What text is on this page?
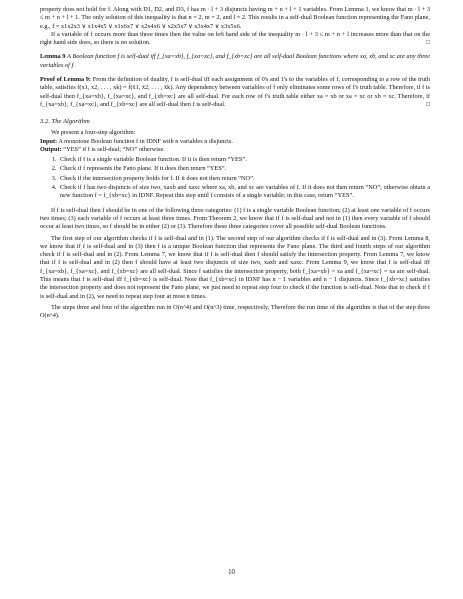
property does not hold for f. Along with D1, D2, and D3, f has m · l + 3 disjuncts having m + n + l + 1 variables. From Lemma 1, we know that m · l + 3 ≤ m + n + l + 1. The only solution of this inequality is that n = 2, m = 2, and l = 2. This results in a self-dual Boolean function representing the Fano plane, e.g., f = x1x2x3 ∨ x1x4x5 ∨ x1x6x7 ∨ x2x4x6 ∨ x2x5x7 ∨ x3x4x7 ∨ x3x5x6.

If a variable of f occurs more than three times then the value on left hand side of the inequality m · l + 3 ≤ m + n + l increases more than that on the right hand side does, so there is no solution.	□

Lemma 9 A Boolean function f is self-dual iff f_{xa=xb}, f_{xa=xc}, and f_{xb=xc} are all self-dual Boolean functions where xa, xb, and xc are any three variables of f.

Proof of Lemma 9: From the definition of duality, f is self-dual iff each assignment of 0's and 1's to the variables of f, corresponding to a row of the truth table, satisfies f(x1, x2, . . . , xk) = f̄(x̄1, x̄2, . . . , x̄k). Any dependency between variables of f only eliminates some rows of f's truth table. Therefore, if f is self-dual then f_{xa=xb}, f_{xa=xc}, and f_{xb=xc} are all self-dual. For each row of f's truth table either xa = xb or xa = xc or xb = xc. Therefore, if f_{xa=xb}, f_{xa=xc}, and f_{xb=xc} are all self-dual then f is self-dual.	□

3.2. The Algorithm

We present a four-step algorithm:

Input: A monotone Boolean function f in IDNF with n variables n disjuncts.

Output: “YES” if f is self-dual; “NO” otherwise.

1. Check if f is a single variable Boolean function. If it is then return “YES”.
2. Check if f represents the Fano plane. If it does then return “YES”.
3. Check if the intersection property holds for f. If it does not then return “NO”.
4. Check if f has two disjuncts of size two, xaxb and xaxc where xa, xb, and xc are variables of f. If it does not then return “NO”; otherwise obtain a new function f = f_{xb=xc} in IDNF. Repeat this step until f consists of a single variable; in this case, return “YES”.

If f is self-dual then f should be in one of the following three categories: (1) f is a single variable Boolean function; (2) at least one variable of f occurs two times; (3) each variable of f occurs at least three times. From Theorem 2, we know that if f is self-dual and not in (1) then every variable of f should occur at least two times, so f should be in either (2) or (3). Therefore these three categories cover all possible self-dual Boolean functions.

The first step of our algorithm checks if f is self-dual and in (1). The second step of our algorithm checks if f is self-dual and in (3). From Lemma 8, we know that if f is self-dual and in (3) then f is a unique Boolean function that represents the Fano plane. The third and fourth steps of our algorithm check if f is self-dual and in (2). From Lemma 7, we know that if f is self-dual then f should satisfy the intersection property. From Lemma 7, we know that if f is self-dual and in (2) then f should have at least two disjuncts of size two, xaxb and xaxc. From Lemma 9, we know that f is self-dual iff f_{xa=xb}, f_{xa=xc}, and f_{xb=xc} are all self-dual. Since f satisfies the intersection property, both f_{xa=xb} = xa and f_{xa=xc} = xa are self-dual. This means that f is self-dual iff f_{xb=xc} is self-dual. Note that f_{xb=xc} in IDNF has n − 1 variables and n − 1 disjuncts. Since f_{xb=xc} satisfies the intersection property and does not represent the Fano plane, we just need to repeat step four to check if the function is self-dual. Note that to check if f is self-dual and in (2), we need to repeat step four at most n times.

The steps three and four of the algorithm run in O(n^4) and O(n^3) time, respectively. Therefore the run time of the algorithm is that of the step three O(n^4).

10
